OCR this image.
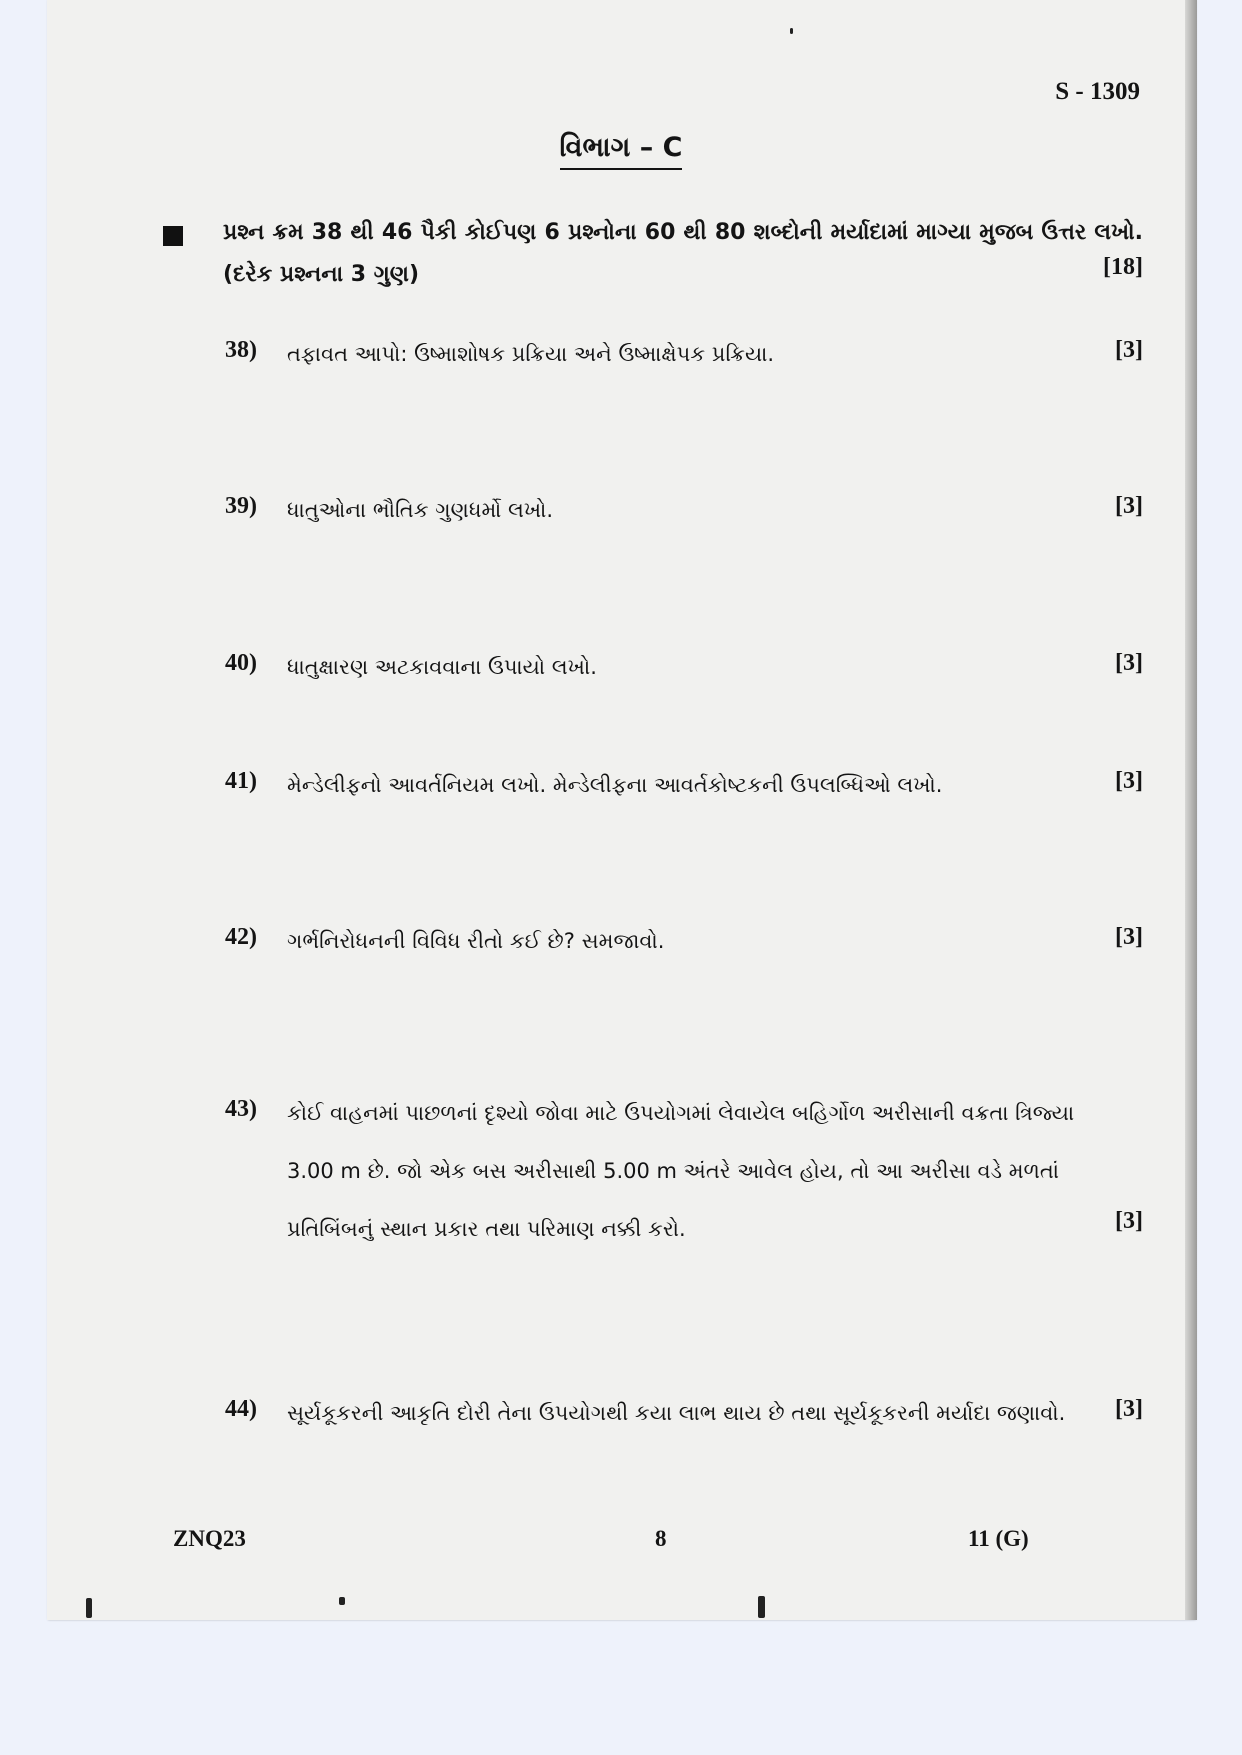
S - 1309
વિભાગ – C
પ્રશ્ન ક્રમ 38 થી 46 પૈકી કોઈપણ 6 પ્રશ્નોના 60 થી 80 શબ્દોની મર્યાદામાં માગ્યા મુજબ ઉત્તર લખો. (દરેક પ્રશ્નના 3 ગુણ)	[18]
38) તફાવત આપો: ઉષ્માશોષક પ્રક્રિયા અને ઉષ્માક્ષેપક પ્રક્રિયા.	[3]
39) ધાતુઓના ભૌતિક ગુણધર્મો લખો.	[3]
40) ધાતુક્ષારણ અટકાવવાના ઉપાયો લખો.	[3]
41) મેન્ડેલીફનો આવર્તનિયમ લખો. મેન્ડેલીફના આવર્તકોષ્ટકની ઉપલબ્ધિઓ લખો.	[3]
42) ગર્ભનિરોધનની વિવિધ રીતો કઈ છે? સમજાવો.	[3]
43) કોઈ વાહનમાં પાછળનાં દૃશ્યો જોવા માટે ઉપયોગમાં લેવાયેલ બહિર્ગોળ અરીસાની વક્રતા ત્રિજ્યા 3.00 m છે. જો એક બસ અરીસાથી 5.00 m અંતરે આવેલ હોય, તો આ અરીસા વડે મળતાં પ્રતિબિંબનું સ્થાન પ્રકાર તથા પરિમાણ નક્કી કરો.	[3]
44) સૂર્યકૂકરની આકૃતિ દોરી તેના ઉપયોગથી કયા લાભ થાય છે તથા સૂર્યકૂકરની મર્યાદા જણાવો.	[3]
ZNQ23	8	11 (G)
